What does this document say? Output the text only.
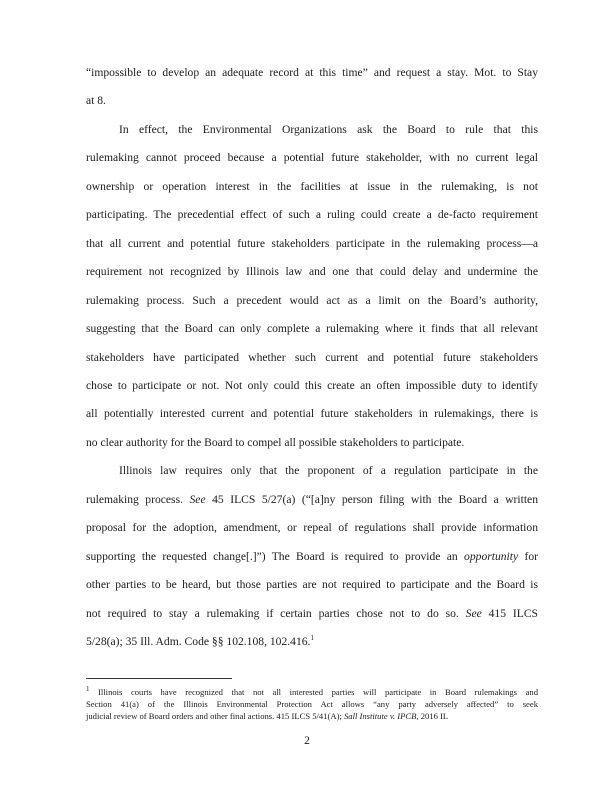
“impossible to develop an adequate record at this time” and request a stay. Mot. to Stay
at 8.
In effect, the Environmental Organizations ask the Board to rule that this
rulemaking cannot proceed because a potential future stakeholder, with no current legal
ownership or operation interest in the facilities at issue in the rulemaking, is not
participating. The precedential effect of such a ruling could create a de-facto requirement
that all current and potential future stakeholders participate in the rulemaking process—a
requirement not recognized by Illinois law and one that could delay and undermine the
rulemaking process. Such a precedent would act as a limit on the Board’s authority,
suggesting that the Board can only complete a rulemaking where it finds that all relevant
stakeholders have participated whether such current and potential future stakeholders
chose to participate or not. Not only could this create an often impossible duty to identify
all potentially interested current and potential future stakeholders in rulemakings, there is
no clear authority for the Board to compel all possible stakeholders to participate.
Illinois law requires only that the proponent of a regulation participate in the
rulemaking process. See 45 ILCS 5/27(a) (“[a]ny person filing with the Board a written
proposal for the adoption, amendment, or repeal of regulations shall provide information
supporting the requested change[.]”) The Board is required to provide an opportunity for
other parties to be heard, but those parties are not required to participate and the Board is
not required to stay a rulemaking if certain parties chose not to do so. See 415 ILCS
5/28(a); 35 Ill. Adm. Code §§ 102.108, 102.416.$^1$
$^1$ Illinois courts have recognized that not all interested parties will participate in Board rulemakings and
Section 41(a) of the Illinois Environmental Protection Act allows “any party adversely affected” to seek
judicial review of Board orders and other final actions. 415 ILCS 5/41(A); Sall Institute v. IPCB, 2016 IL
2
